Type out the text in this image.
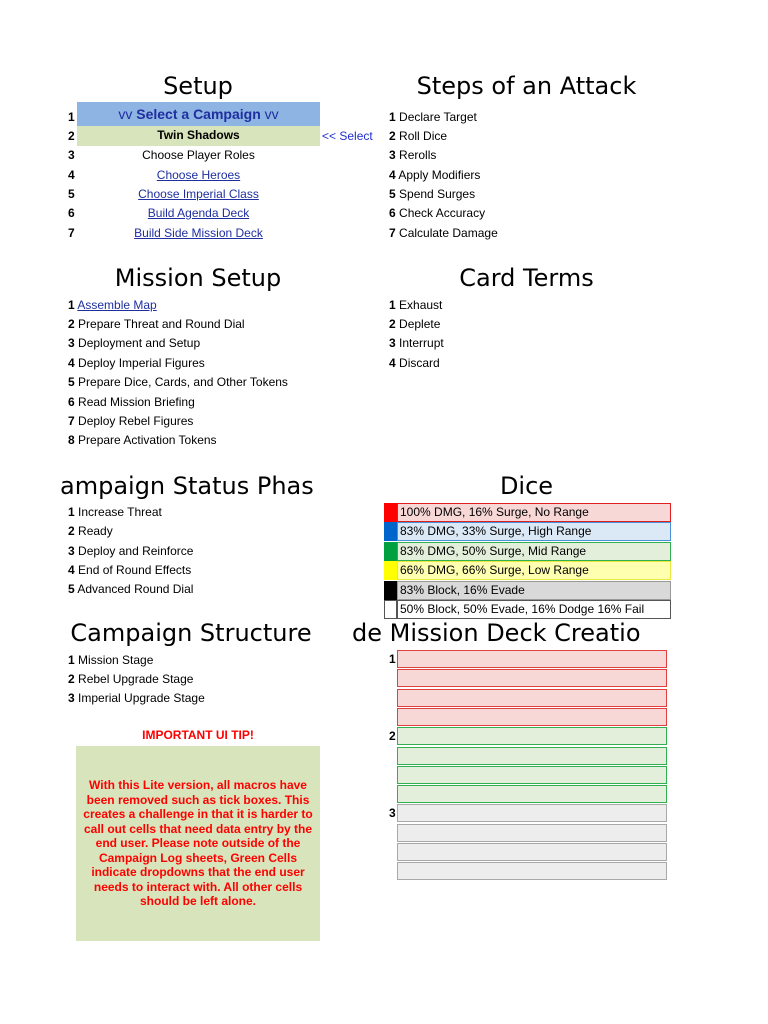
Setup
1	vv Select a Campaign vv
2	Twin Shadows	<< Select
3	Choose Player Roles
4	Choose Heroes
5	Choose Imperial Class
6	Build Agenda Deck
7	Build Side Mission Deck
Steps of an Attack
1 Declare Target
2 Roll Dice
3 Rerolls
4 Apply Modifiers
5 Spend Surges
6 Check Accuracy
7 Calculate Damage
Mission Setup
1 Assemble Map
2 Prepare Threat and Round Dial
3 Deployment and Setup
4 Deploy Imperial Figures
5 Prepare Dice, Cards, and Other Tokens
6 Read Mission Briefing
7 Deploy Rebel Figures
8 Prepare Activation Tokens
Card Terms
1 Exhaust
2 Deplete
3 Interrupt
4 Discard
ampaign Status Phas
1 Increase Threat
2 Ready
3 Deploy and Reinforce
4 End of Round Effects
5 Advanced Round Dial
Dice
100% DMG, 16% Surge, No Range
83% DMG, 33% Surge, High Range
83% DMG, 50% Surge, Mid Range
66% DMG, 66% Surge, Low Range
83% Block, 16% Evade
50% Block, 50% Evade, 16% Dodge 16% Fail
Campaign Structure
1 Mission Stage
2 Rebel Upgrade Stage
3 Imperial Upgrade Stage
de Mission Deck Creatio
1
2
3
IMPORTANT UI TIP!
With this Lite version, all macros have been removed such as tick boxes. This creates a challenge in that it is harder to call out cells that need data entry by the end user. Please note outside of the Campaign Log sheets, Green Cells indicate dropdowns that the end user needs to interact with. All other cells should be left alone.
